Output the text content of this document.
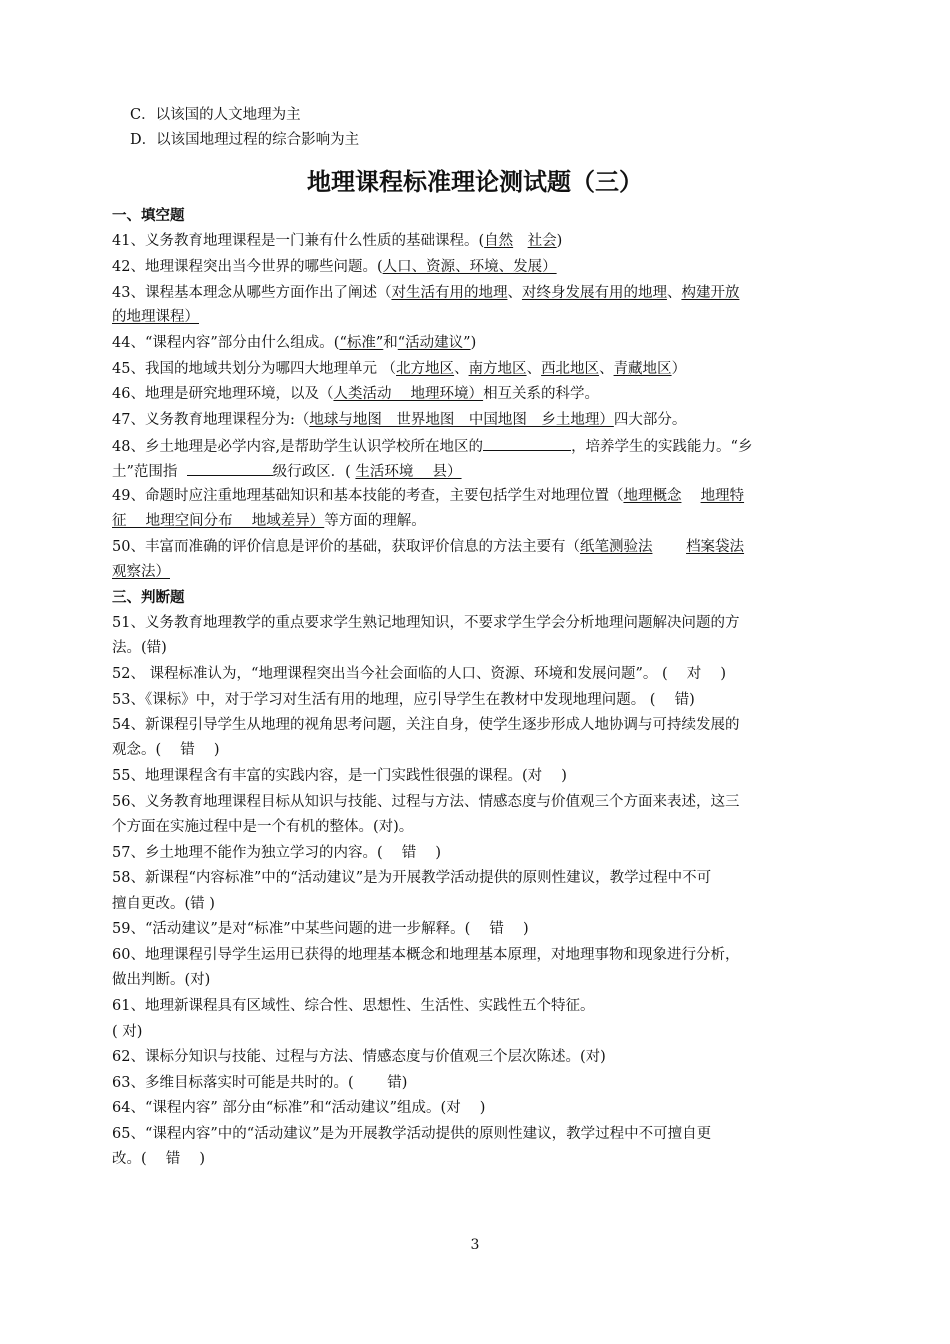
C．以该国的人文地理为主
D．以该国地理过程的综合影响为主
地理课程标准理论测试题（三）
一、填空题
41、义务教育地理课程是一门兼有什么性质的基础课程。(自然　 社会)
42、地理课程突出当今世界的哪些问题。(人口、资源、环境、发展）
43、课程基本理念从哪些方面作出了阐述（对生活有用的地理、对终身发展有用的地理、构建开放
的地理课程）
44、“课程内容”部分由什么组成。(“标准”和“活动建议”)
45、我国的地域共划分为哪四大地理单元 （北方地区、南方地区、西北地区、青藏地区）
46、地理是研究地理环境，以及（人类活动　 地理环境）相互关系的科学。
47、义务教育地理课程分为:（地球与地图　世界地图　中国地图　乡土地理）四大部分。
48、乡土地理是必学内容,是帮助学生认识学校所在地区的	，培养学生的实践能力。“乡
土”范围指	级行政区．( 生活环境　 县）
49、命题时应注重地理基础知识和基本技能的考查，主要包括学生对地理位置（地理概念　 地理特
征　 地理空间分布　 地域差异）等方面的理解。
50、丰富而准确的评价信息是评价的基础，获取评价信息的方法主要有（纸笔测验法　　 档案袋法
观察法）
三、判断题
51、义务教育地理教学的重点要求学生熟记地理知识，不要求学生学会分析地理问题解决问题的方
法。(错)
52、 课程标准认为，“地理课程突出当今社会面临的人口、资源、环境和发展问题”。 (　 对　 )
53、《课标》中，对于学习对生活有用的地理，应引导学生在教材中发现地理问题。 (　 错)
54、新课程引导学生从地理的视角思考问题，关注自身，使学生逐步形成人地协调与可持续发展的
观念。(　 错　 )
55、地理课程含有丰富的实践内容，是一门实践性很强的课程。(对　 )
56、义务教育地理课程目标从知识与技能、过程与方法、情感态度与价值观三个方面来表述，这三
个方面在实施过程中是一个有机的整体。(对)。
57、乡土地理不能作为独立学习的内容。(　 错　 )
58、新课程“内容标准”中的“活动建议”是为开展教学活动提供的原则性建议，教学过程中不可
擅自更改。(错 )
59、“活动建议”是对“标准”中某些问题的进一步解释。(　 错　 )
60、地理课程引导学生运用已获得的地理基本概念和地理基本原理，对地理事物和现象进行分析，
做出判断。(对)
61、地理新课程具有区域性、综合性、思想性、生活性、实践性五个特征。
( 对)
62、课标分知识与技能、过程与方法、情感态度与价值观三个层次陈述。(对)
63、多维目标落实时可能是共时的。(　　 错)
64、“课程内容” 部分由“标准”和“活动建议”组成。(对　 )
65、“课程内容”中的“活动建议”是为开展教学活动提供的原则性建议，教学过程中不可擅自更
改。(　 错　 )
3
